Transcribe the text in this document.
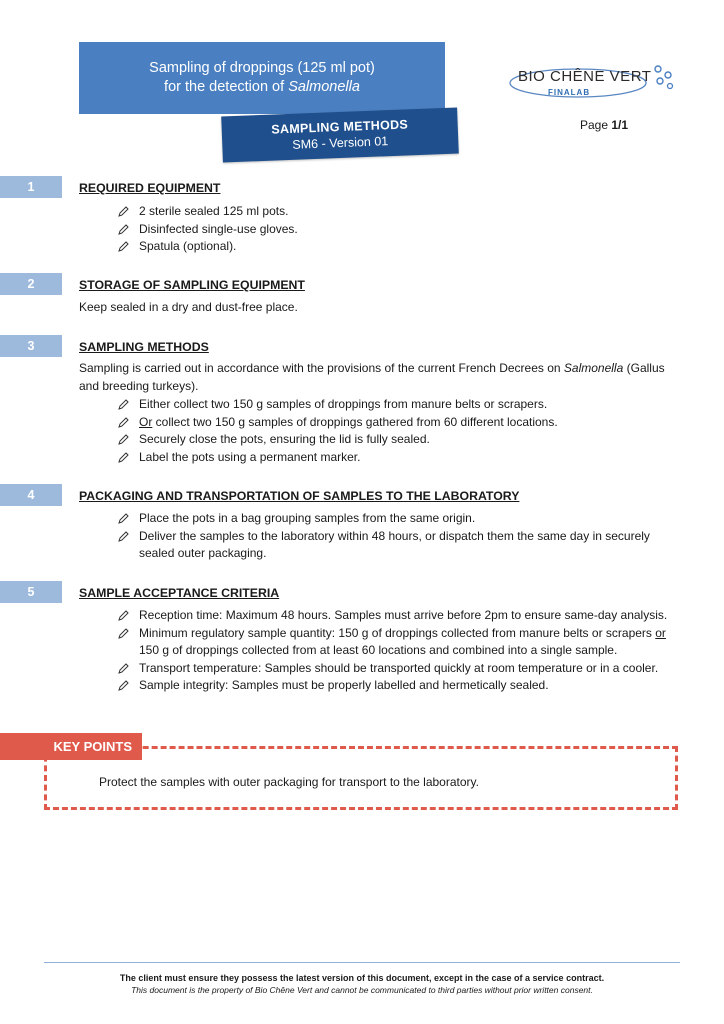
Sampling of droppings (125 ml pot)
for the detection of Salmonella
SAMPLING METHODS
SM6 - Version 01
BIO CHÊNE VERT
FINALAB
Page 1/1
1	REQUIRED EQUIPMENT
2 sterile sealed 125 ml pots.
Disinfected single-use gloves.
Spatula (optional).
2	STORAGE OF SAMPLING EQUIPMENT
Keep sealed in a dry and dust-free place.
3	SAMPLING METHODS
Sampling is carried out in accordance with the provisions of the current French Decrees on Salmonella (Gallus and breeding turkeys).
Either collect two 150 g samples of droppings from manure belts or scrapers.
Or collect two 150 g samples of droppings gathered from 60 different locations.
Securely close the pots, ensuring the lid is fully sealed.
Label the pots using a permanent marker.
4	PACKAGING AND TRANSPORTATION OF SAMPLES TO THE LABORATORY
Place the pots in a bag grouping samples from the same origin.
Deliver the samples to the laboratory within 48 hours, or dispatch them the same day in securely sealed outer packaging.
5	SAMPLE ACCEPTANCE CRITERIA
Reception time: Maximum 48 hours. Samples must arrive before 2pm to ensure same-day analysis.
Minimum regulatory sample quantity: 150 g of droppings collected from manure belts or scrapers or 150 g of droppings collected from at least 60 locations and combined into a single sample.
Transport temperature: Samples should be transported quickly at room temperature or in a cooler.
Sample integrity: Samples must be properly labelled and hermetically sealed.
KEY POINTS
Protect the samples with outer packaging for transport to the laboratory.
The client must ensure they possess the latest version of this document, except in the case of a service contract.
This document is the property of Bio Chêne Vert and cannot be communicated to third parties without prior written consent.
